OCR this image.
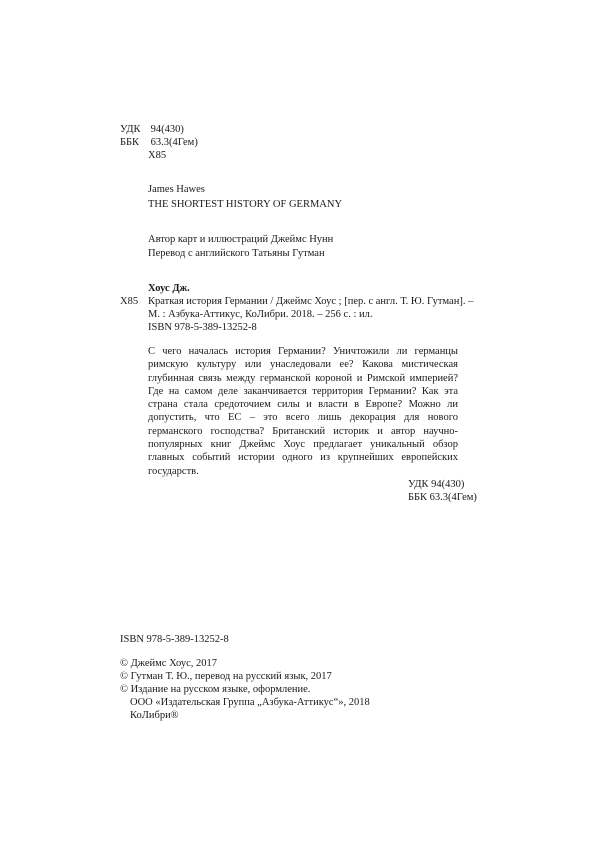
УДК 94(430)
ББК 63.3(4Гем)
Х85
James Hawes
THE SHORTEST HISTORY OF GERMANY
Автор карт и иллюстраций Джеймс Нунн
Перевод с английского Татьяны Гутман
Хоус Дж.
Х85 Краткая история Германии / Джеймс Хоус ; [пер. с англ. Т. Ю. Гутман]. –
М. : Азбука-Аттикус, КоЛибри. 2018. – 256 с. : ил.
ISBN 978-5-389-13252-8

С чего началась история Германии? Уничтожили ли германцы римскую культуру или унаследовали ее? Какова мистическая глубинная связь между германской короной и Римской империей? Где на самом деле заканчивается территория Германии? Как эта страна стала средоточием силы и власти в Европе? Можно ли допустить, что ЕС – это всего лишь декорация для нового германского господства? Британский историк и автор научно-популярных книг Джеймс Хоус предлагает уникальный обзор главных событий истории одного из крупнейших европейских государств.

УДК 94(430)
ББК 63.3(4Гем)
ISBN 978-5-389-13252-8
© Джеймс Хоус, 2017
© Гутман Т. Ю., перевод на русский язык, 2017
© Издание на русском языке, оформление.
ООО «Издательская Группа „Азбука-Аттикус“», 2018
КоЛибри®
